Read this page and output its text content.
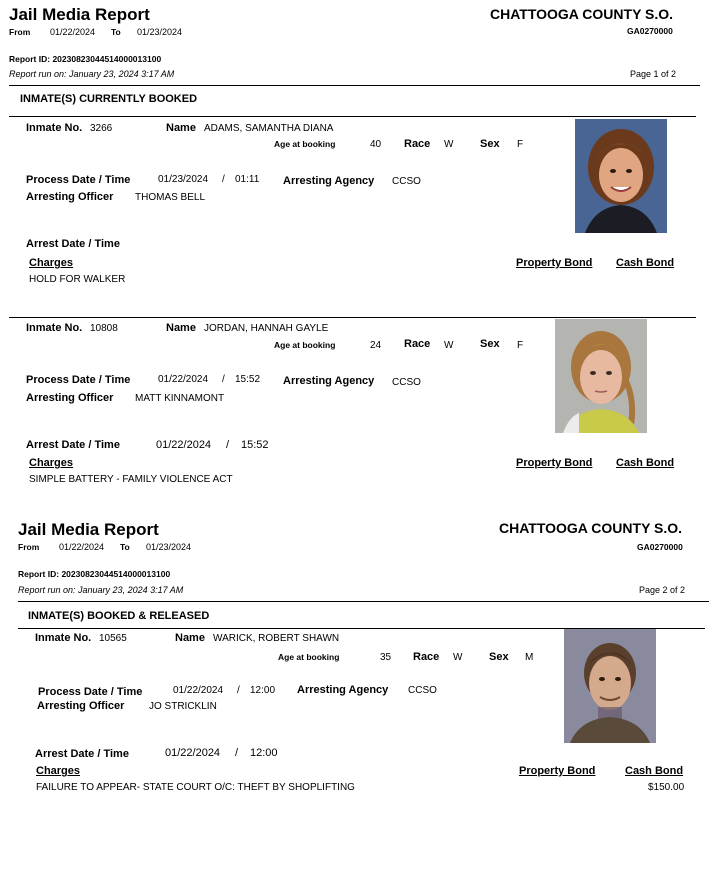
Jail Media Report	CHATTOOGA COUNTY S.O.
GA0270000
From 01/22/2024 To 01/23/2024
Report ID: 20230823044514000013100
Report run on: January 23, 2024 3:17 AM	Page 1 of 2
INMATE(S) CURRENTLY BOOKED
Inmate No. 3266	Name ADAMS, SAMANTHA DIANA
Age at booking	40 Race W Sex F
Process Date / Time	01/23/2024 / 01:11 Arresting Agency CCSO
Arresting Officer THOMAS BELL
Arrest Date / Time
Charges	Property Bond Cash Bond
HOLD FOR WALKER
Inmate No. 10808	Name JORDAN, HANNAH GAYLE
Age at booking	24 Race W Sex F
Process Date / Time	01/22/2024 / 15:52 Arresting Agency CCSO
Arresting Officer MATT KINNAMONT
Arrest Date / Time	01/22/2024 / 15:52
Charges	Property Bond Cash Bond
SIMPLE BATTERY - FAMILY VIOLENCE ACT
Jail Media Report	CHATTOOGA COUNTY S.O.
GA0270000
From 01/22/2024 To 01/23/2024
Report ID: 20230823044514000013100
Report run on: January 23, 2024 3:17 AM	Page 2 of 2
INMATE(S) BOOKED & RELEASED
Inmate No. 10565	Name WARICK, ROBERT SHAWN
Age at booking	35 Race W Sex M
Process Date / Time	01/22/2024 / 12:00 Arresting Agency CCSO
Arresting Officer JO STRICKLIN
Arrest Date / Time	01/22/2024 / 12:00
Charges	Property Bond	Cash Bond
FAILURE TO APPEAR- STATE COURT O/C: THEFT BY SHOPLIFTING	$150.00
